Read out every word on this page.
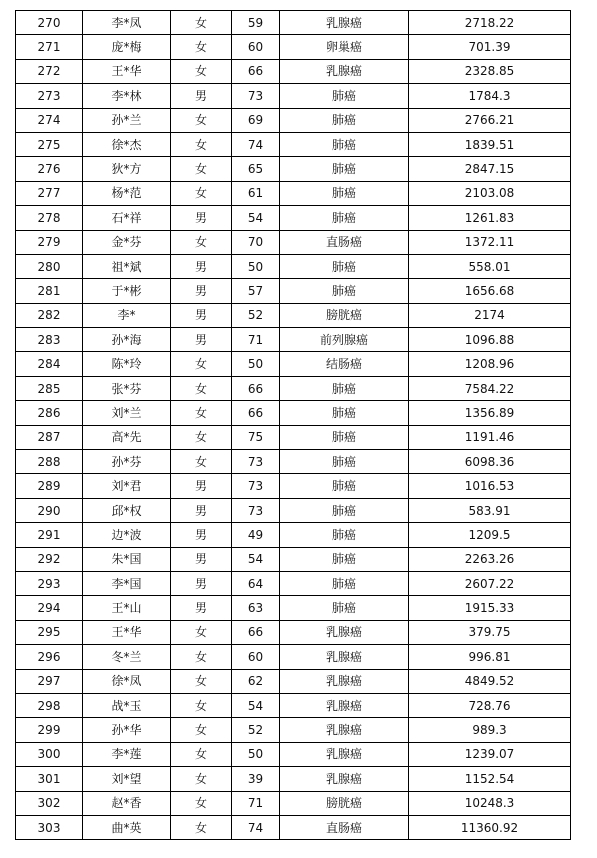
270	李*凤	女	59	乳腺癌	2718.22
271	庞*梅	女	60	卵巢癌	701.39
272	王*华	女	66	乳腺癌	2328.85
273	李*林	男	73	肺癌	1784.3
274	孙*兰	女	69	肺癌	2766.21
275	徐*杰	女	74	肺癌	1839.51
276	狄*方	女	65	肺癌	2847.15
277	杨*范	女	61	肺癌	2103.08
278	石*祥	男	54	肺癌	1261.83
279	金*芬	女	70	直肠癌	1372.11
280	祖*斌	男	50	肺癌	558.01
281	于*彬	男	57	肺癌	1656.68
282	李*	男	52	膀胱癌	2174
283	孙*海	男	71	前列腺癌	1096.88
284	陈*玲	女	50	结肠癌	1208.96
285	张*芬	女	66	肺癌	7584.22
286	刘*兰	女	66	肺癌	1356.89
287	高*先	女	75	肺癌	1191.46
288	孙*芬	女	73	肺癌	6098.36
289	刘*君	男	73	肺癌	1016.53
290	邱*权	男	73	肺癌	583.91
291	边*波	男	49	肺癌	1209.5
292	朱*国	男	54	肺癌	2263.26
293	李*国	男	64	肺癌	2607.22
294	王*山	男	63	肺癌	1915.33
295	王*华	女	66	乳腺癌	379.75
296	冬*兰	女	60	乳腺癌	996.81
297	徐*凤	女	62	乳腺癌	4849.52
298	战*玉	女	54	乳腺癌	728.76
299	孙*华	女	52	乳腺癌	989.3
300	李*莲	女	50	乳腺癌	1239.07
301	刘*望	女	39	乳腺癌	1152.54
302	赵*香	女	71	膀胱癌	10248.3
303	曲*英	女	74	直肠癌	11360.92
